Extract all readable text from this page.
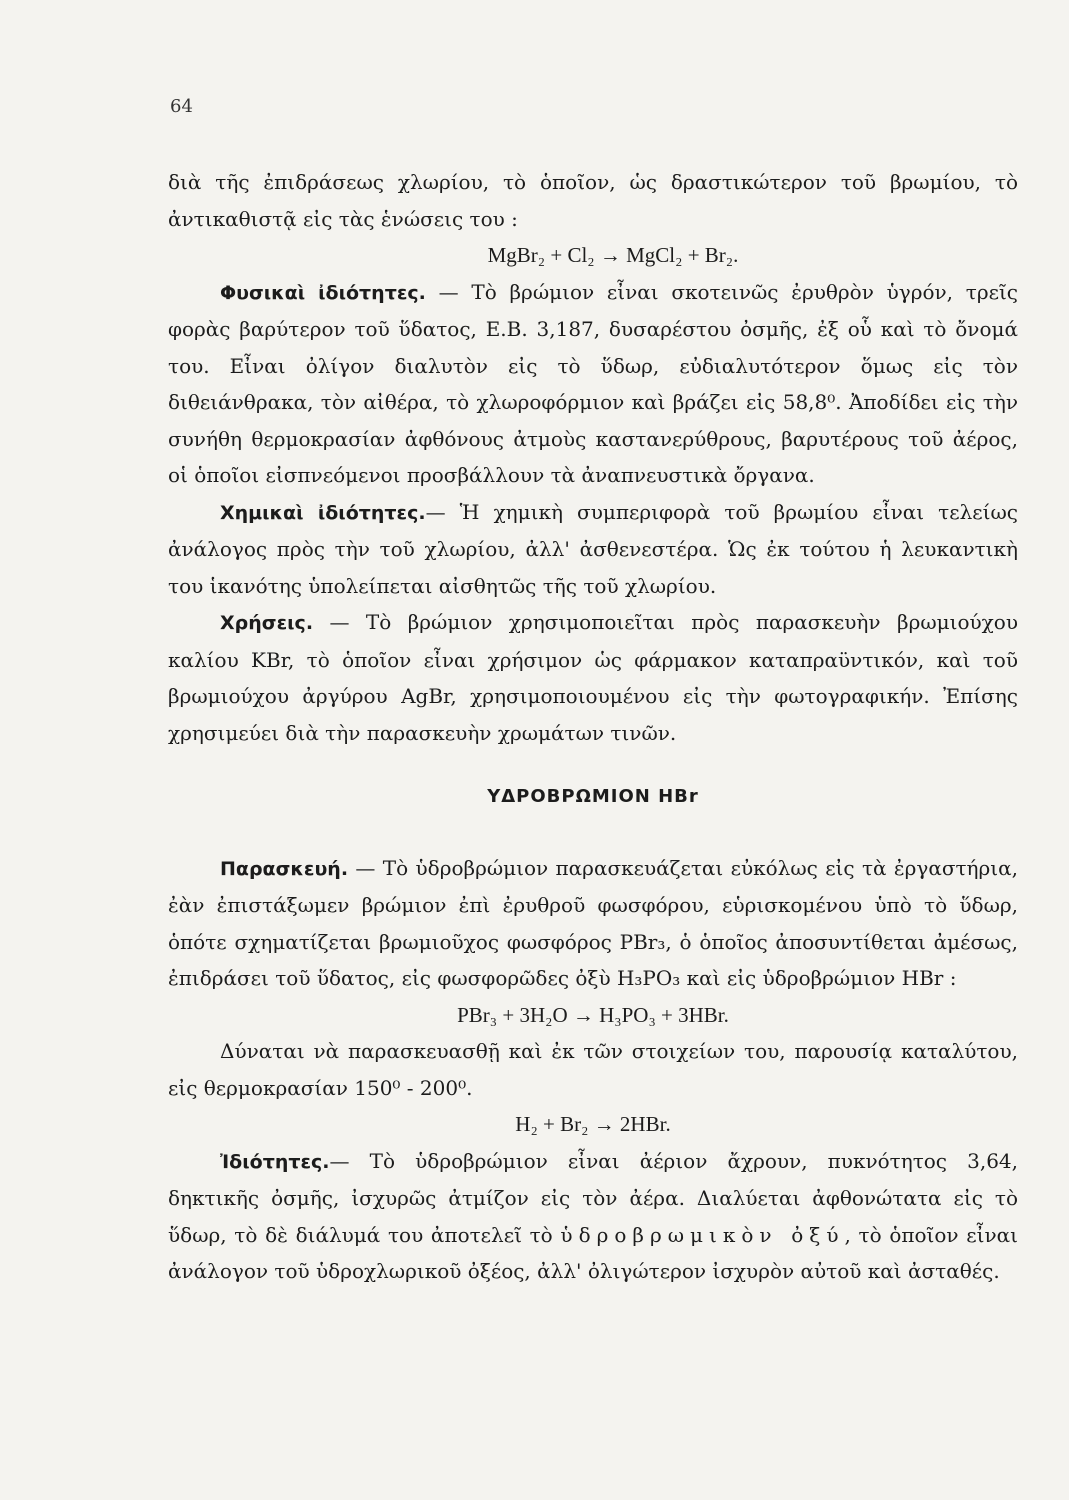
64

διὰ τῆς ἐπιδράσεως χλωρίου, τὸ ὁποῖον, ὡς δραστικώτερον τοῦ βρωμίου, τὸ ἀντικαθιστᾷ εἰς τὰς ἑνώσεις του :

MgBr₂ + Cl₂ → MgCl₂ + Br₂.

Φυσικαὶ ἰδιότητες. — Τὸ βρώμιον εἶναι σκοτεινῶς ἐρυθρὸν ὑγρόν, τρεῖς φορὰς βαρύτερον τοῦ ὕδατος, Ε.Β. 3,187, δυσαρέστου ὀσμῆς, ἐξ οὗ καὶ τὸ ὄνομά του. Εἶναι ὀλίγον διαλυτὸν εἰς τὸ ὕδωρ, εὐδιαλυτότερον ὅμως εἰς τὸν διθειάνθρακα, τὸν αἰθέρα, τὸ χλωροφόρμιον καὶ βράζει εἰς 58,8⁰. Ἀποδίδει εἰς τὴν συνήθη θερμοκρασίαν ἀφθόνους ἀτμοὺς καστανερύθρους, βαρυτέρους τοῦ ἀέρος, οἱ ὁποῖοι εἰσπνεόμενοι προσβάλλουν τὰ ἀναπνευστικὰ ὄργανα.

Χημικαὶ ἰδιότητες.— Ἡ χημικὴ συμπεριφορὰ τοῦ βρωμίου εἶναι τελείως ἀνάλογος πρὸς τὴν τοῦ χλωρίου, ἀλλ' ἀσθενεστέρα. Ὡς ἐκ τούτου ἡ λευκαντικὴ του ἱκανότης ὑπολείπεται αἰσθητῶς τῆς τοῦ χλωρίου.

Χρήσεις. — Τὸ βρώμιον χρησιμοποιεῖται πρὸς παρασκευὴν βρωμιούχου καλίου KBr, τὸ ὁποῖον εἶναι χρήσιμον ὡς φάρμακον καταπραϋντικόν, καὶ τοῦ βρωμιούχου ἀργύρου AgBr, χρησιμοποιουμένου εἰς τὴν φωτογραφικήν. Ἐπίσης χρησιμεύει διὰ τὴν παρασκευὴν χρωμάτων τινῶν.

ΥΔΡΟΒΡΩΜΙΟΝ HBr

Παρασκευή. — Τὸ ὑδροβρώμιον παρασκευάζεται εὐκόλως εἰς τὰ ἐργαστήρια, ἐὰν ἐπιστάξωμεν βρώμιον ἐπὶ ἐρυθροῦ φωσφόρου, εὑρισκομένου ὑπὸ τὸ ὕδωρ, ὁπότε σχηματίζεται βρωμιοῦχος φωσφόρος PBr₃, ὁ ὁποῖος ἀποσυντίθεται ἀμέσως, ἐπιδράσει τοῦ ὕδατος, εἰς φωσφορῶδες ὀξὺ H₃PO₃ καὶ εἰς ὑδροβρώμιον HBr :

PBr₃ + 3H₂O → H₃PO₃ + 3HBr.

Δύναται νὰ παρασκευασθῇ καὶ ἐκ τῶν στοιχείων του, παρουσίᾳ καταλύτου, εἰς θερμοκρασίαν 150⁰ - 200⁰.

H₂ + Br₂ → 2HBr.

Ἰδιότητες.— Τὸ ὑδροβρώμιον εἶναι ἀέριον ἄχρουν, πυκνότητος 3,64, δηκτικῆς ὀσμῆς, ἰσχυρῶς ἀτμίζον εἰς τὸν ἀέρα. Διαλύεται ἀφθονώτατα εἰς τὸ ὕδωρ, τὸ δὲ διάλυμά του ἀποτελεῖ τὸ ὑδροβρωμικὸν ὀξύ, τὸ ὁποῖον εἶναι ἀνάλογον τοῦ ὑδροχλωρικοῦ ὀξέος, ἀλλ' ὀλιγώτερον ἰσχυρὸν αὐτοῦ καὶ ἀσταθές.
